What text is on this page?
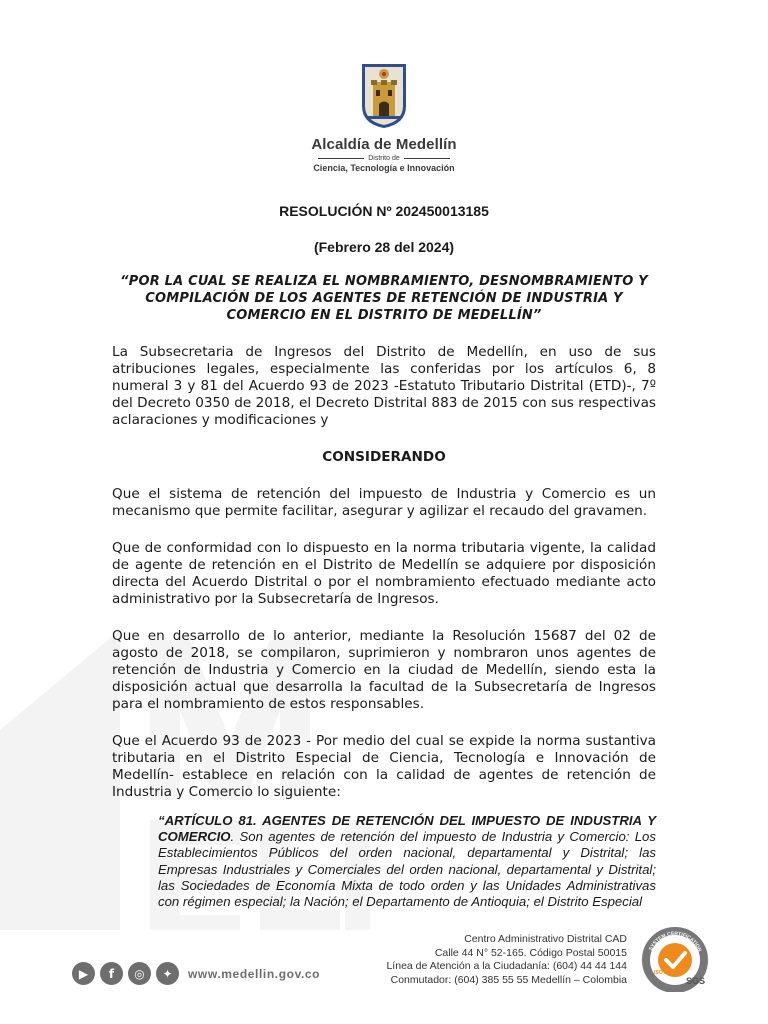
Alcaldía de Medellín
Distrito de
Ciencia, Tecnología e Innovación
RESOLUCIÓN Nº 202450013185
(Febrero 28 del 2024)
“POR LA CUAL SE REALIZA EL NOMBRAMIENTO, DESNOMBRAMIENTO Y COMPILACIÓN DE LOS AGENTES DE RETENCIÓN DE INDUSTRIA Y COMERCIO EN EL DISTRITO DE MEDELLÍN”

La Subsecretaria de Ingresos del Distrito de Medellín, en uso de sus atribuciones legales, especialmente las conferidas por los artículos 6, 8 numeral 3 y 81 del Acuerdo 93 de 2023 -Estatuto Tributario Distrital (ETD)-, 7º del Decreto 0350 de 2018, el Decreto Distrital 883 de 2015 con sus respectivas aclaraciones y modificaciones y

CONSIDERANDO

Que el sistema de retención del impuesto de Industria y Comercio es un mecanismo que permite facilitar, asegurar y agilizar el recaudo del gravamen.

Que de conformidad con lo dispuesto en la norma tributaria vigente, la calidad de agente de retención en el Distrito de Medellín se adquiere por disposición directa del Acuerdo Distrital o por el nombramiento efectuado mediante acto administrativo por la Subsecretaría de Ingresos.

Que en desarrollo de lo anterior, mediante la Resolución 15687 del 02 de agosto de 2018, se compilaron, suprimieron y nombraron unos agentes de retención de Industria y Comercio en la ciudad de Medellín, siendo esta la disposición actual que desarrolla la facultad de la Subsecretaría de Ingresos para el nombramiento de estos responsables.

Que el Acuerdo 93 de 2023 - Por medio del cual se expide la norma sustantiva tributaria en el Distrito Especial de Ciencia, Tecnología e Innovación de Medellín- establece en relación con la calidad de agentes de retención de Industria y Comercio lo siguiente:

“ARTÍCULO 81. AGENTES DE RETENCIÓN DEL IMPUESTO DE INDUSTRIA Y COMERCIO. Son agentes de retención del impuesto de Industria y Comercio: Los Establecimientos Públicos del orden nacional, departamental y Distrital; las Empresas Industriales y Comerciales del orden nacional, departamental y Distrital; las Sociedades de Economía Mixta de todo orden y las Unidades Administrativas con régimen especial; la Nación; el Departamento de Antioquia; el Distrito Especial
▶	f	◎	✦	www.medellin.gov.co
Centro Administrativo Distrital CAD
Calle 44 N° 52-165. Código Postal 50015
Línea de Atención a la Ciudadanía: (604) 44 44 144
Conmutador: (604) 385 55 55 Medellín – Colombia
SYSTEM CERTIFICATION
ISO 9001
SGS
